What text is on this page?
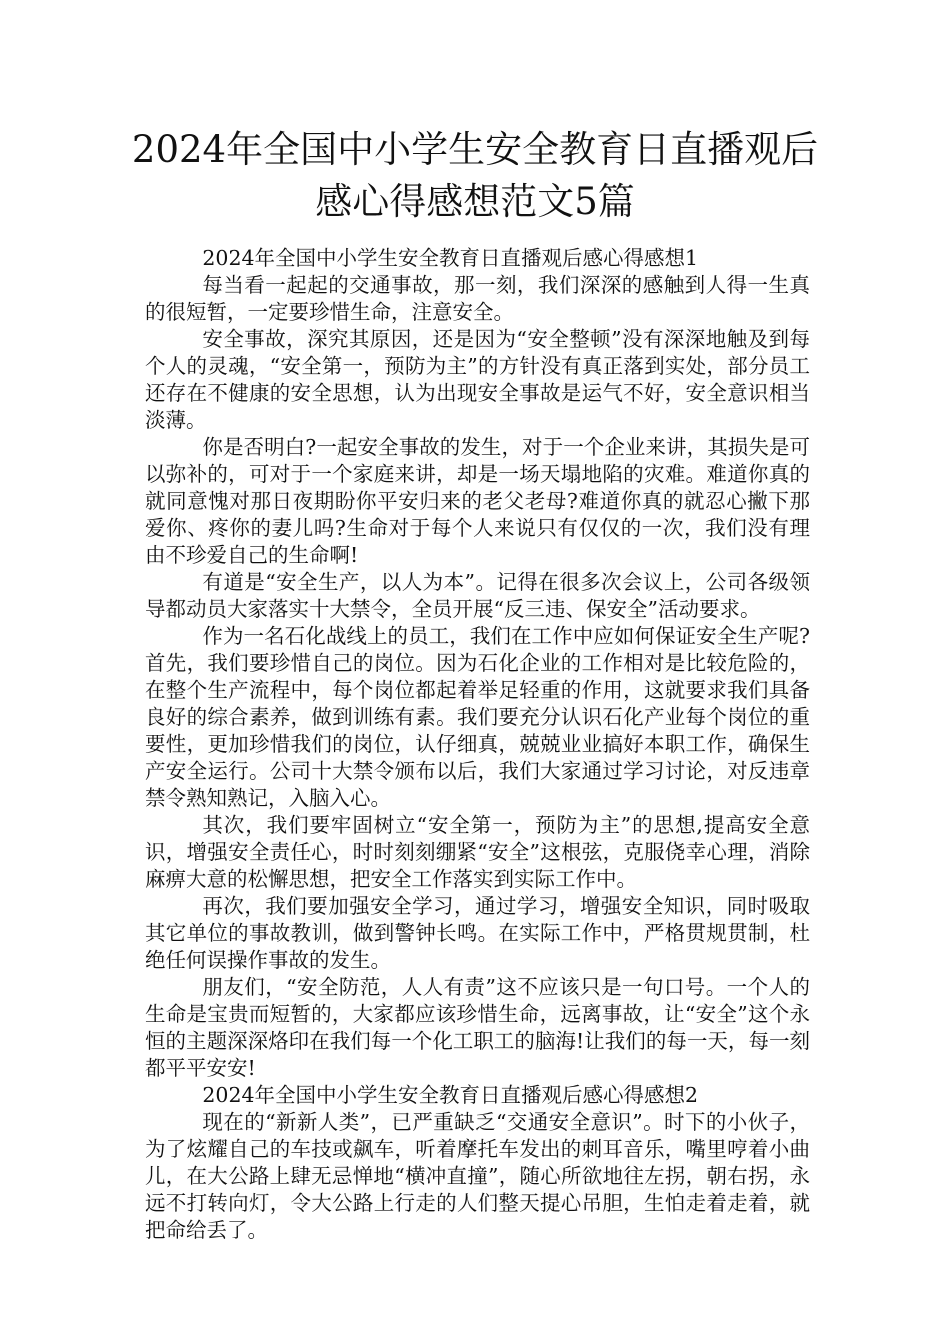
2024年全国中小学生安全教育日直播观后
感心得感想范文5篇

2024年全国中小学生安全教育日直播观后感心得感想1

每当看一起起的交通事故，那一刻，我们深深的感触到人得一生真的很短暂，一定要珍惜生命，注意安全。

安全事故，深究其原因，还是因为“安全整顿”没有深深地触及到每个人的灵魂，“安全第一，预防为主”的方针没有真正落到实处，部分员工还存在不健康的安全思想，认为出现安全事故是运气不好，安全意识相当淡薄。

你是否明白?一起安全事故的发生，对于一个企业来讲，其损失是可以弥补的，可对于一个家庭来讲，却是一场天塌地陷的灾难。难道你真的就同意愧对那日夜期盼你平安归来的老父老母?难道你真的就忍心撇下那爱你、疼你的妻儿吗?生命对于每个人来说只有仅仅的一次，我们没有理由不珍爱自己的生命啊!

有道是“安全生产，以人为本”。记得在很多次会议上，公司各级领导都动员大家落实十大禁令，全员开展“反三违、保安全”活动要求。

作为一名石化战线上的员工，我们在工作中应如何保证安全生产呢?首先，我们要珍惜自己的岗位。因为石化企业的工作相对是比较危险的，在整个生产流程中，每个岗位都起着举足轻重的作用，这就要求我们具备良好的综合素养，做到训练有素。我们要充分认识石化产业每个岗位的重要性，更加珍惜我们的岗位，认仔细真，兢兢业业搞好本职工作，确保生产安全运行。公司十大禁令颁布以后，我们大家通过学习讨论，对反违章禁令熟知熟记，入脑入心。

其次，我们要牢固树立“安全第一，预防为主”的思想,提高安全意识，增强安全责任心，时时刻刻绷紧“安全”这根弦，克服侥幸心理，消除麻痹大意的松懈思想，把安全工作落实到实际工作中。

再次，我们要加强安全学习，通过学习，增强安全知识，同时吸取其它单位的事故教训，做到警钟长鸣。在实际工作中，严格贯规贯制，杜绝任何误操作事故的发生。

朋友们，“安全防范，人人有责”这不应该只是一句口号。一个人的生命是宝贵而短暂的，大家都应该珍惜生命，远离事故，让“安全”这个永恒的主题深深烙印在我们每一个化工职工的脑海!让我们的每一天，每一刻都平平安安!

2024年全国中小学生安全教育日直播观后感心得感想2

现在的“新新人类”，已严重缺乏“交通安全意识”。时下的小伙子，为了炫耀自己的车技或飙车，听着摩托车发出的刺耳音乐，嘴里哼着小曲儿，在大公路上肆无忌惮地“横冲直撞”，随心所欲地往左拐，朝右拐，永远不打转向灯，令大公路上行走的人们整天提心吊胆，生怕走着走着，就把命给丢了。
